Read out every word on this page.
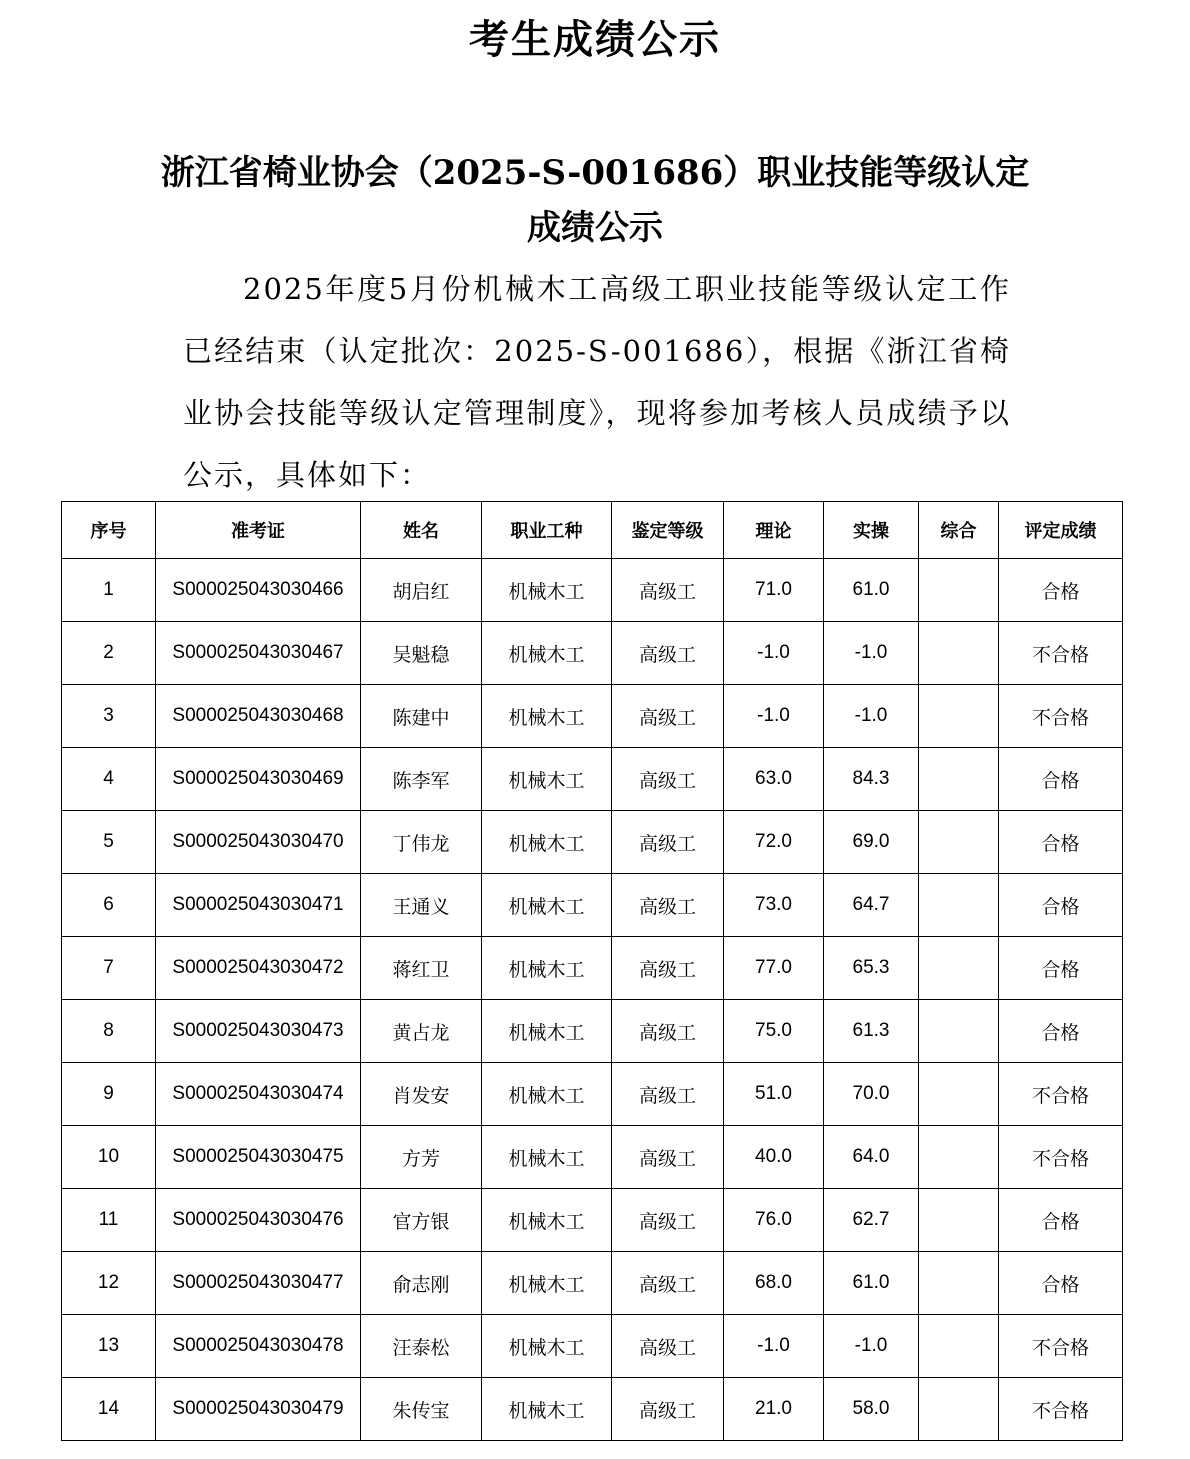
考生成绩公示
浙江省椅业协会（2025-S-001686）职业技能等级认定
成绩公示
2025年度5月份机械木工高级工职业技能等级认定工作已经结束（认定批次：2025-S-001686），根据《浙江省椅业协会技能等级认定管理制度》，现将参加考核人员成绩予以公示，具体如下：
序号	准考证	姓名	职业工种	鉴定等级	理论	实操	综合	评定成绩
1	S000025043030466	胡启红	机械木工	高级工	71.0	61.0		合格
2	S000025043030467	吴魁稳	机械木工	高级工	-1.0	-1.0		不合格
3	S000025043030468	陈建中	机械木工	高级工	-1.0	-1.0		不合格
4	S000025043030469	陈李军	机械木工	高级工	63.0	84.3		合格
5	S000025043030470	丁伟龙	机械木工	高级工	72.0	69.0		合格
6	S000025043030471	王通义	机械木工	高级工	73.0	64.7		合格
7	S000025043030472	蒋红卫	机械木工	高级工	77.0	65.3		合格
8	S000025043030473	黄占龙	机械木工	高级工	75.0	61.3		合格
9	S000025043030474	肖发安	机械木工	高级工	51.0	70.0		不合格
10	S000025043030475	方芳	机械木工	高级工	40.0	64.0		不合格
11	S000025043030476	官方银	机械木工	高级工	76.0	62.7		合格
12	S000025043030477	俞志刚	机械木工	高级工	68.0	61.0		合格
13	S000025043030478	汪泰松	机械木工	高级工	-1.0	-1.0		不合格
14	S000025043030479	朱传宝	机械木工	高级工	21.0	58.0		不合格
